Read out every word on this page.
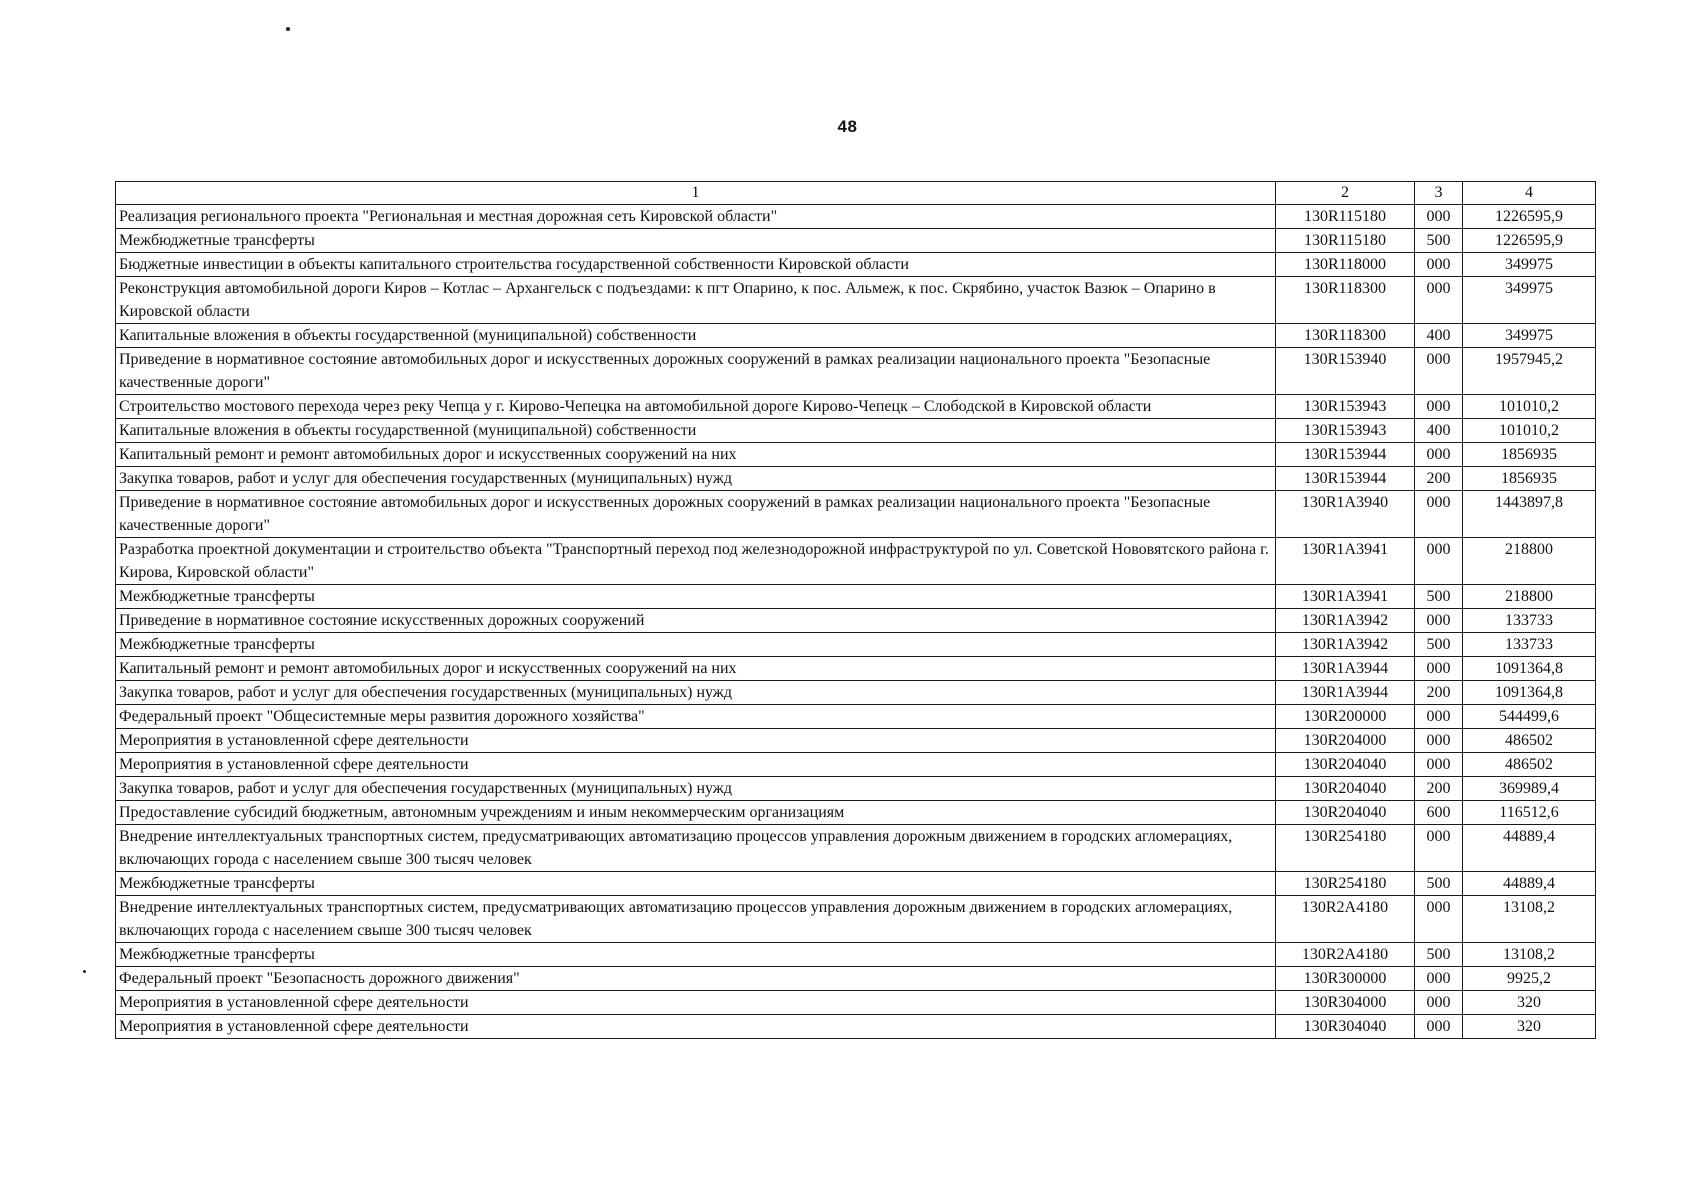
48
1	2	3	4
Реализация регионального проекта "Региональная и местная дорожная сеть Кировской области"	130R115180	000	1226595,9
Межбюджетные трансферты	130R115180	500	1226595,9
Бюджетные инвестиции в объекты капитального строительства государственной собственности Кировской области	130R118000	000	349975
Реконструкция автомобильной дороги Киров – Котлас – Архангельск с подъездами: к пгт Опарино, к пос. Альмеж, к пос. Скрябино, участок Вазюк – Опарино в Кировской области	130R118300	000	349975
Капитальные вложения в объекты государственной (муниципальной) собственности	130R118300	400	349975
Приведение в нормативное состояние автомобильных дорог и искусственных дорожных сооружений в рамках реализации национального проекта "Безопасные качественные дороги"	130R153940	000	1957945,2
Строительство мостового перехода через реку Чепца у г. Кирово-Чепецка на автомобильной дороге Кирово-Чепецк – Слободской в Кировской области	130R153943	000	101010,2
Капитальные вложения в объекты государственной (муниципальной) собственности	130R153943	400	101010,2
Капитальный ремонт и ремонт автомобильных дорог и искусственных сооружений на них	130R153944	000	1856935
Закупка товаров, работ и услуг для обеспечения государственных (муниципальных) нужд	130R153944	200	1856935
Приведение в нормативное состояние автомобильных дорог и искусственных дорожных сооружений в рамках реализации национального проекта "Безопасные качественные дороги"	130R1A3940	000	1443897,8
Разработка проектной документации и строительство объекта "Транспортный переход под железнодорожной инфраструктурой по ул. Советской Нововятского района г. Кирова, Кировской области"	130R1A3941	000	218800
Межбюджетные трансферты	130R1A3941	500	218800
Приведение в нормативное состояние искусственных дорожных сооружений	130R1A3942	000	133733
Межбюджетные трансферты	130R1A3942	500	133733
Капитальный ремонт и ремонт автомобильных дорог и искусственных сооружений на них	130R1A3944	000	1091364,8
Закупка товаров, работ и услуг для обеспечения государственных (муниципальных) нужд	130R1A3944	200	1091364,8
Федеральный проект "Общесистемные меры развития дорожного хозяйства"	130R200000	000	544499,6
Мероприятия в установленной сфере деятельности	130R204000	000	486502
Мероприятия в установленной сфере деятельности	130R204040	000	486502
Закупка товаров, работ и услуг для обеспечения государственных (муниципальных) нужд	130R204040	200	369989,4
Предоставление субсидий бюджетным, автономным учреждениям и иным некоммерческим организациям	130R204040	600	116512,6
Внедрение интеллектуальных транспортных систем, предусматривающих автоматизацию процессов управления дорожным движением в городских агломерациях, включающих города с населением свыше 300 тысяч человек	130R254180	000	44889,4
Межбюджетные трансферты	130R254180	500	44889,4
Внедрение интеллектуальных транспортных систем, предусматривающих автоматизацию процессов управления дорожным движением в городских агломерациях, включающих города с населением свыше 300 тысяч человек	130R2A4180	000	13108,2
Межбюджетные трансферты	130R2A4180	500	13108,2
Федеральный проект "Безопасность дорожного движения"	130R300000	000	9925,2
Мероприятия в установленной сфере деятельности	130R304000	000	320
Мероприятия в установленной сфере деятельности	130R304040	000	320
